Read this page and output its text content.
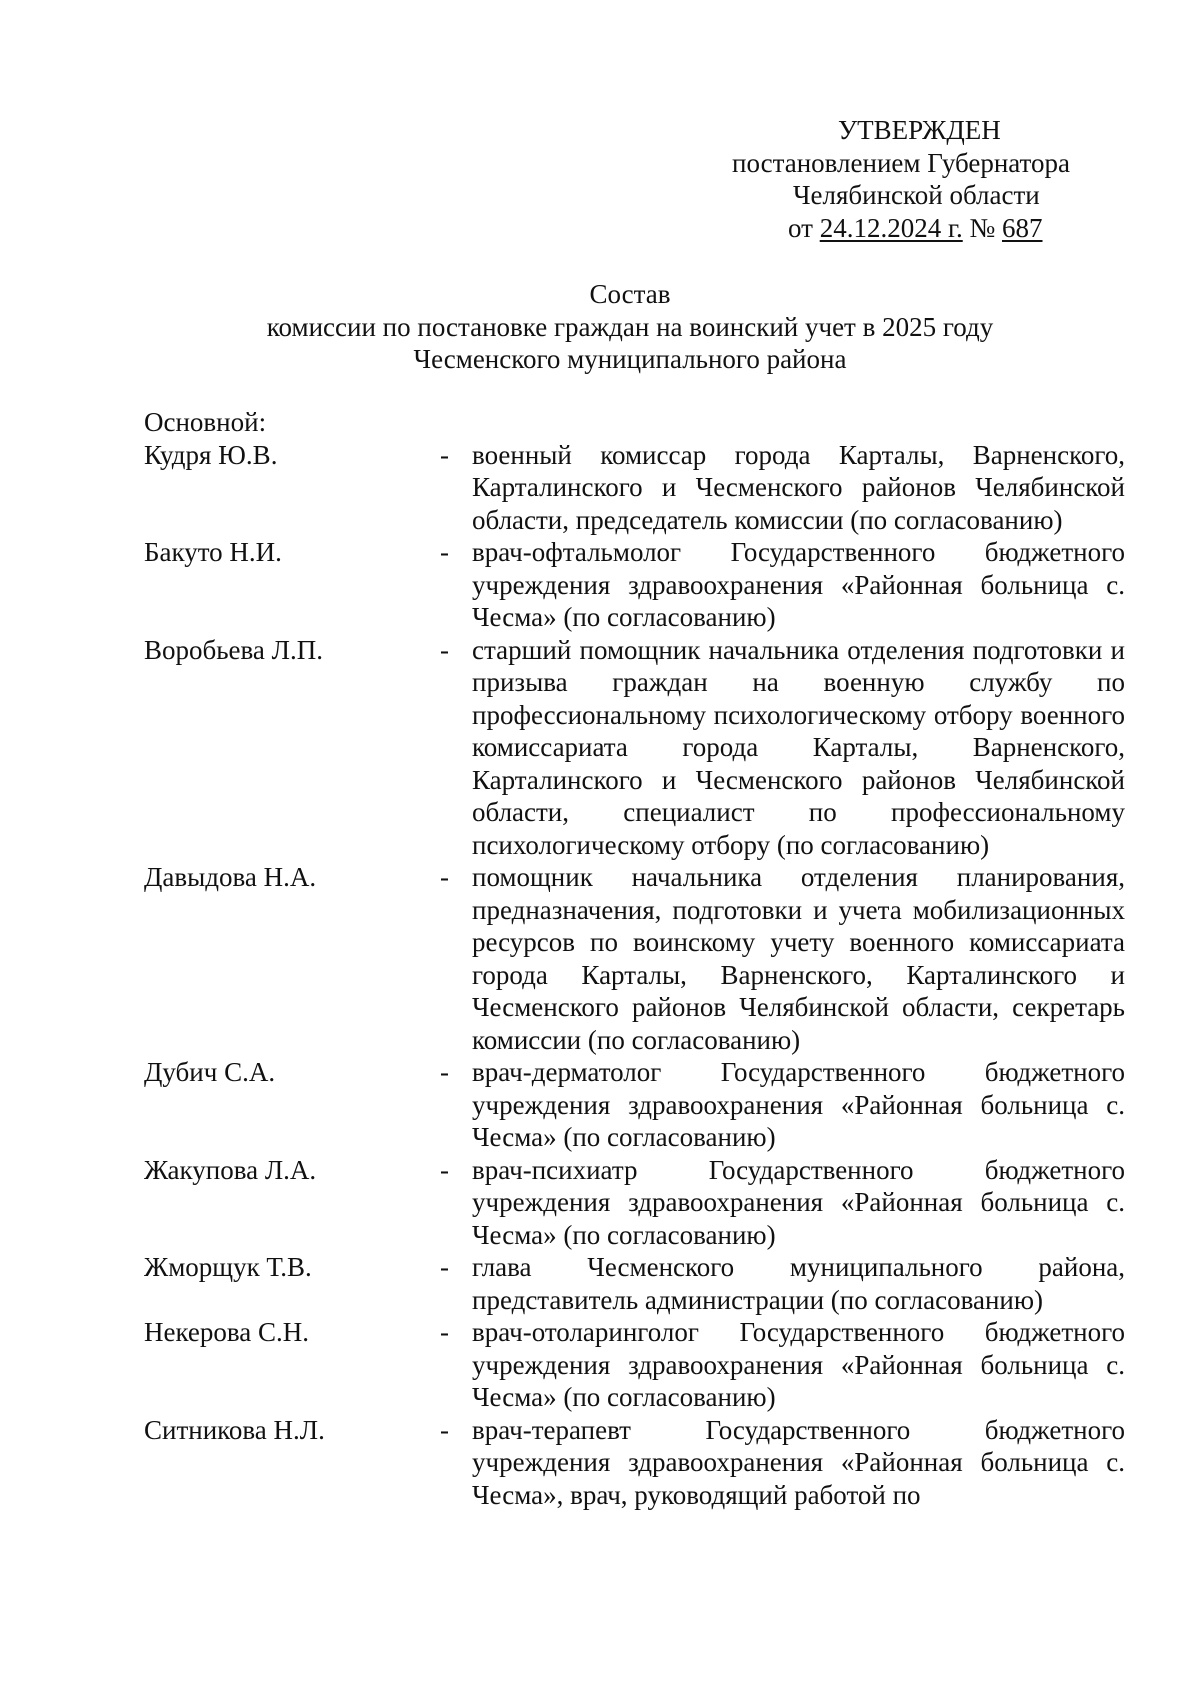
УТВЕРЖДЕН
постановлением Губернатора
Челябинской области
от 24.12.2024 г. № 687
Состав
комиссии по постановке граждан на воинский учет в 2025 году
Чесменского муниципального района
Основной:
Кудря Ю.В.	- военный комиссар города Карталы, Варненского, Карталинского и Чесменского районов Челябинской области, председатель комиссии (по согласованию)
Бакуто Н.И.	- врач-офтальмолог Государственного бюджетного учреждения здравоохранения «Районная больница с. Чесма» (по согласованию)
Воробьева Л.П.	- старший помощник начальника отделения подготовки и призыва граждан на военную службу по профессиональному психологическому отбору военного комиссариата города Карталы, Варненского, Карталинского и Чесменского районов Челябинской области, специалист по профессиональному психологическому отбору (по согласованию)
Давыдова Н.А.	- помощник начальника отделения планирования, предназначения, подготовки и учета мобилизационных ресурсов по воинскому учету военного комиссариата города Карталы, Варненского, Карталинского и Чесменского районов Челябинской области, секретарь комиссии (по согласованию)
Дубич С.А.	- врач-дерматолог Государственного бюджетного учреждения здравоохранения «Районная больница с. Чесма» (по согласованию)
Жакупова Л.А.	- врач-психиатр Государственного бюджетного учреждения здравоохранения «Районная больница с. Чесма» (по согласованию)
Жморщук Т.В.	- глава Чесменского муниципального района, представитель администрации (по согласованию)
Некерова С.Н.	- врач-отоларинголог Государственного бюджетного учреждения здравоохранения «Районная больница с. Чесма» (по согласованию)
Ситникова Н.Л.	- врач-терапевт Государственного бюджетного учреждения здравоохранения «Районная больница с. Чесма», врач, руководящий работой по
